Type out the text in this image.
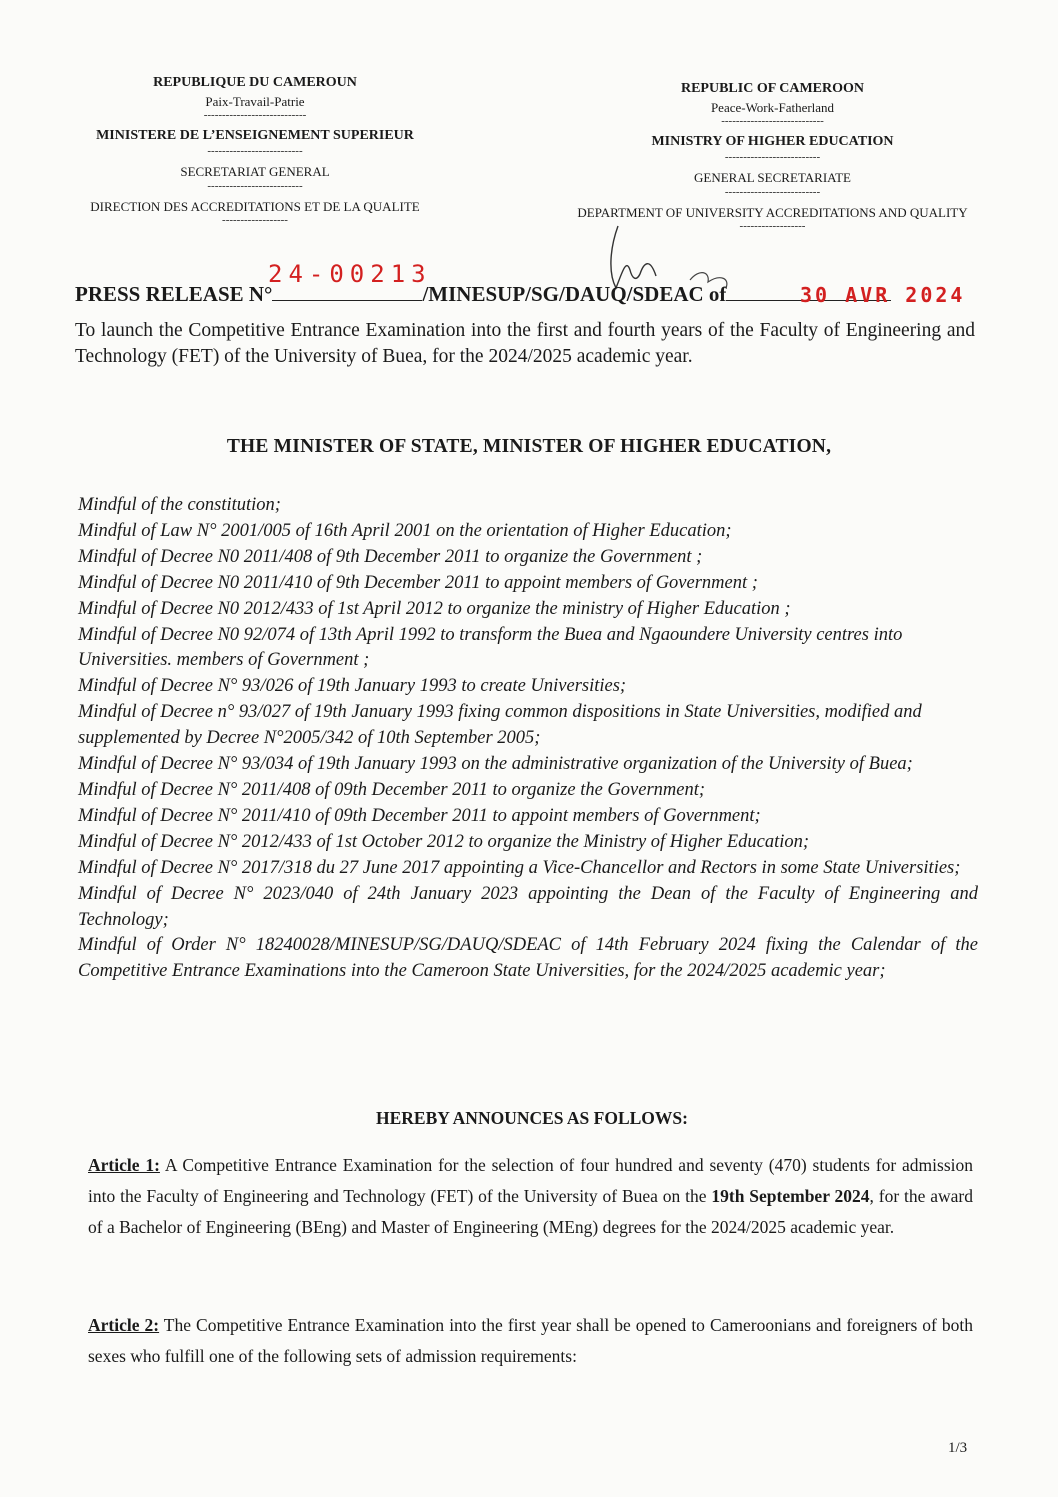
REPUBLIQUE DU CAMEROUN
Paix-Travail-Patrie
----------------------------
MINISTERE DE L’ENSEIGNEMENT SUPERIEUR
--------------------------
SECRETARIAT GENERAL
--------------------------
DIRECTION DES ACCREDITATIONS ET DE LA QUALITE
------------------
REPUBLIC OF CAMEROON
Peace-Work-Fatherland
----------------------------
MINISTRY OF HIGHER EDUCATION
--------------------------
GENERAL SECRETARIATE
--------------------------
DEPARTMENT OF UNIVERSITY ACCREDITATIONS AND QUALITY
------------------
24-00213
PRESS RELEASE N°	/MINESUP/SG/DAUQ/SDEAC of	30 AVR 2024
To launch the Competitive Entrance Examination into the first and fourth years of the Faculty of Engineering and Technology (FET) of the University of Buea, for the 2024/2025 academic year.
THE MINISTER OF STATE, MINISTER OF HIGHER EDUCATION,
Mindful of the constitution;
Mindful of Law N° 2001/005 of 16th April 2001 on the orientation of Higher Education;
Mindful of Decree N0 2011/408 of 9th December 2011 to organize the Government ;
Mindful of Decree N0 2011/410 of 9th December 2011 to appoint members of Government ;
Mindful of Decree N0 2012/433 of 1st April 2012 to organize the ministry of Higher Education ;
Mindful of Decree N0 92/074 of 13th April 1992 to transform the Buea and Ngaoundere University centres into Universities. members of Government ;
Mindful of Decree N° 93/026 of 19th January 1993 to create Universities;
Mindful of Decree n° 93/027 of 19th January 1993 fixing common dispositions in State Universities, modified and supplemented by Decree N°2005/342 of 10th September 2005;
Mindful of Decree N° 93/034 of 19th January 1993 on the administrative organization of the University of Buea;
Mindful of Decree N° 2011/408 of 09th December 2011 to organize the Government;
Mindful of Decree N° 2011/410 of 09th December 2011 to appoint members of Government;
Mindful of Decree N° 2012/433 of 1st October 2012 to organize the Ministry of Higher Education;
Mindful of Decree N° 2017/318 du 27 June 2017 appointing a Vice-Chancellor and Rectors in some State Universities;
Mindful of Decree N° 2023/040 of 24th January 2023 appointing the Dean of the Faculty of Engineering and Technology;
Mindful of Order N° 18240028/MINESUP/SG/DAUQ/SDEAC of 14th February 2024 fixing the Calendar of the Competitive Entrance Examinations into the Cameroon State Universities, for the 2024/2025 academic year;
HEREBY ANNOUNCES AS FOLLOWS:
Article 1: A Competitive Entrance Examination for the selection of four hundred and seventy (470) students for admission into the Faculty of Engineering and Technology (FET) of the University of Buea on the 19th September 2024, for the award of a Bachelor of Engineering (BEng) and Master of Engineering (MEng) degrees for the 2024/2025 academic year.
Article 2: The Competitive Entrance Examination into the first year shall be opened to Cameroonians and foreigners of both sexes who fulfill one of the following sets of admission requirements:
1/3
